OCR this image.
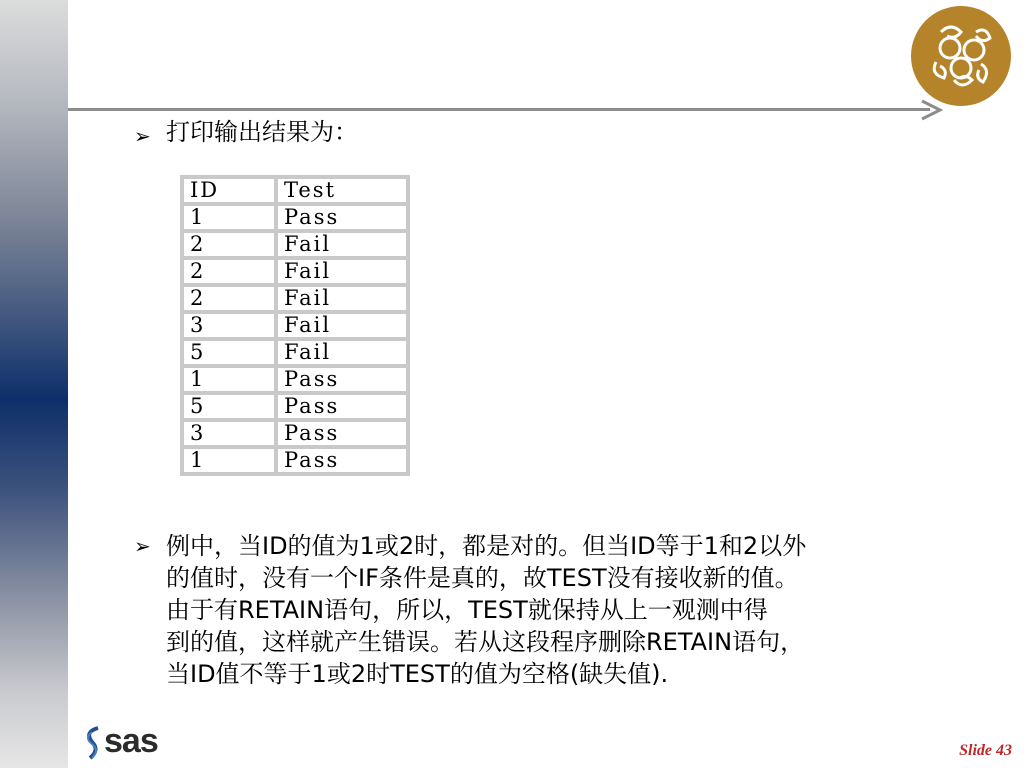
➢ 打印输出结果为：
ID	Test
1	Pass
2	Fail
2	Fail
2	Fail
3	Fail
5	Fail
1	Pass
5	Pass
3	Pass
1	Pass
➢ 例中，当ID的值为1或2时，都是对的。但当ID等于1和2以外
的值时，没有一个IF条件是真的，故TEST没有接收新的值。
由于有RETAIN语句，所以，TEST就保持从上一观测中得
到的值，这样就产生错误。若从这段程序删除RETAIN语句，
当ID值不等于1或2时TEST的值为空格(缺失值).
sas	Slide 43
